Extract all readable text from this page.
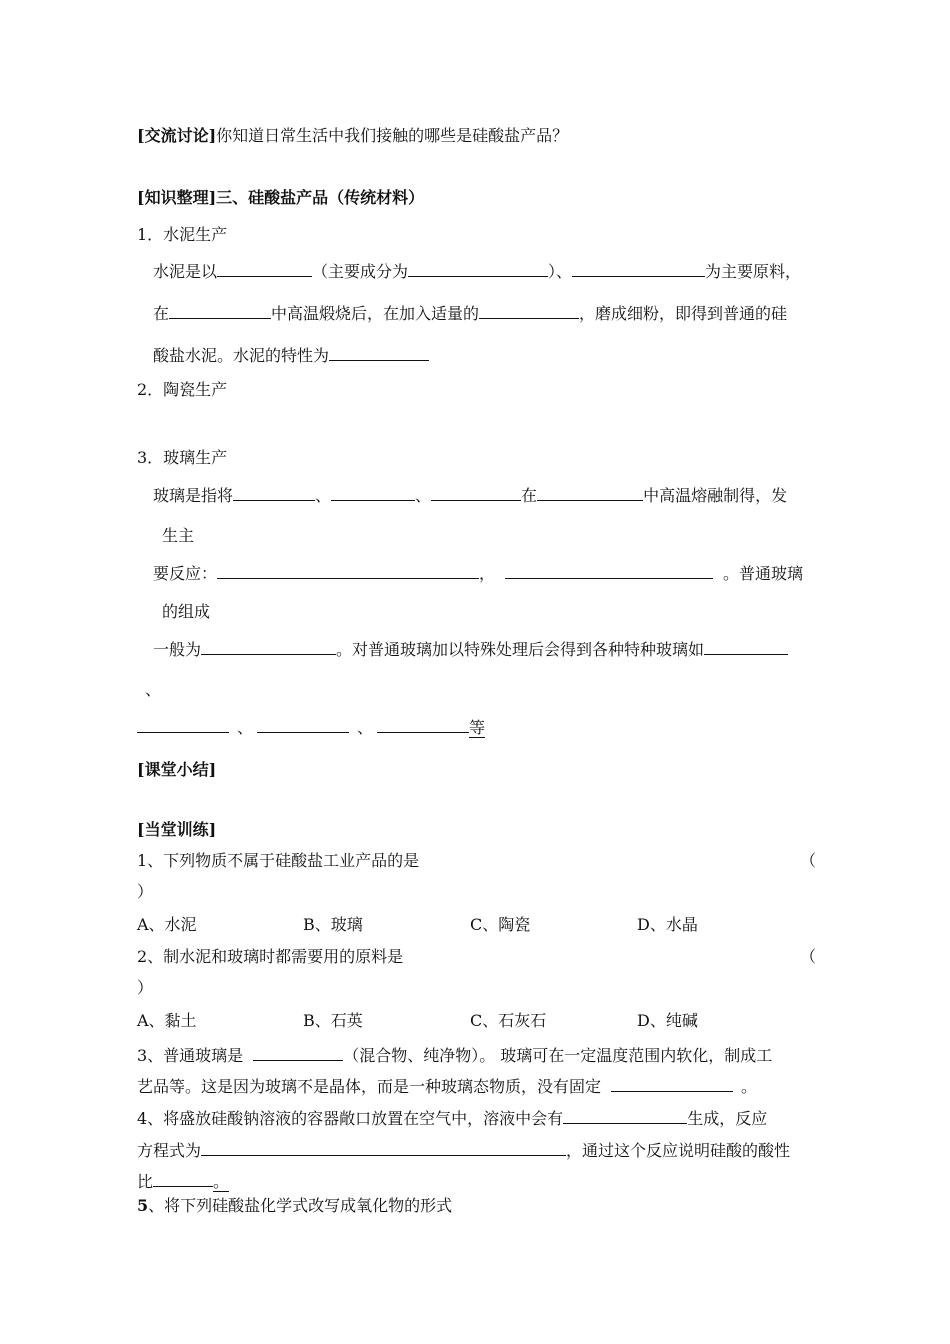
[交流讨论]你知道日常生活中我们接触的哪些是硅酸盐产品？
[知识整理]三、硅酸盐产品（传统材料）
1．水泥生产
水泥是以	（主要成分为	）、	为主要原料，
在	中高温煅烧后，在加入适量的	，磨成细粉，即得到普通的硅
酸盐水泥。水泥的特性为
2．陶瓷生产
3．玻璃生产
玻璃是指将	、	、	在	中高温熔融制得，发
生主
要反应：	，	。普通玻璃
的组成
一般为	。对普通玻璃加以特殊处理后会得到各种特种玻璃如
、
、	、	等
[课堂小结]
[当堂训练]
1、下列物质不属于硅酸盐工业产品的是	（
）
A、水泥	B、玻璃	C、陶瓷	D、水晶
2、制水泥和玻璃时都需要用的原料是	（
）
A、黏土	B、石英	C、石灰石	D、纯碱
3、普通玻璃是	（混合物、纯净物）。 玻璃可在一定温度范围内软化，制成工
艺品等。这是因为玻璃不是晶体，而是一种玻璃态物质，没有固定	。
4、将盛放硅酸钠溶液的容器敞口放置在空气中，溶液中会有	生成，反应
方程式为	，通过这个反应说明硅酸的酸性
比	。
5、将下列硅酸盐化学式改写成氧化物的形式
